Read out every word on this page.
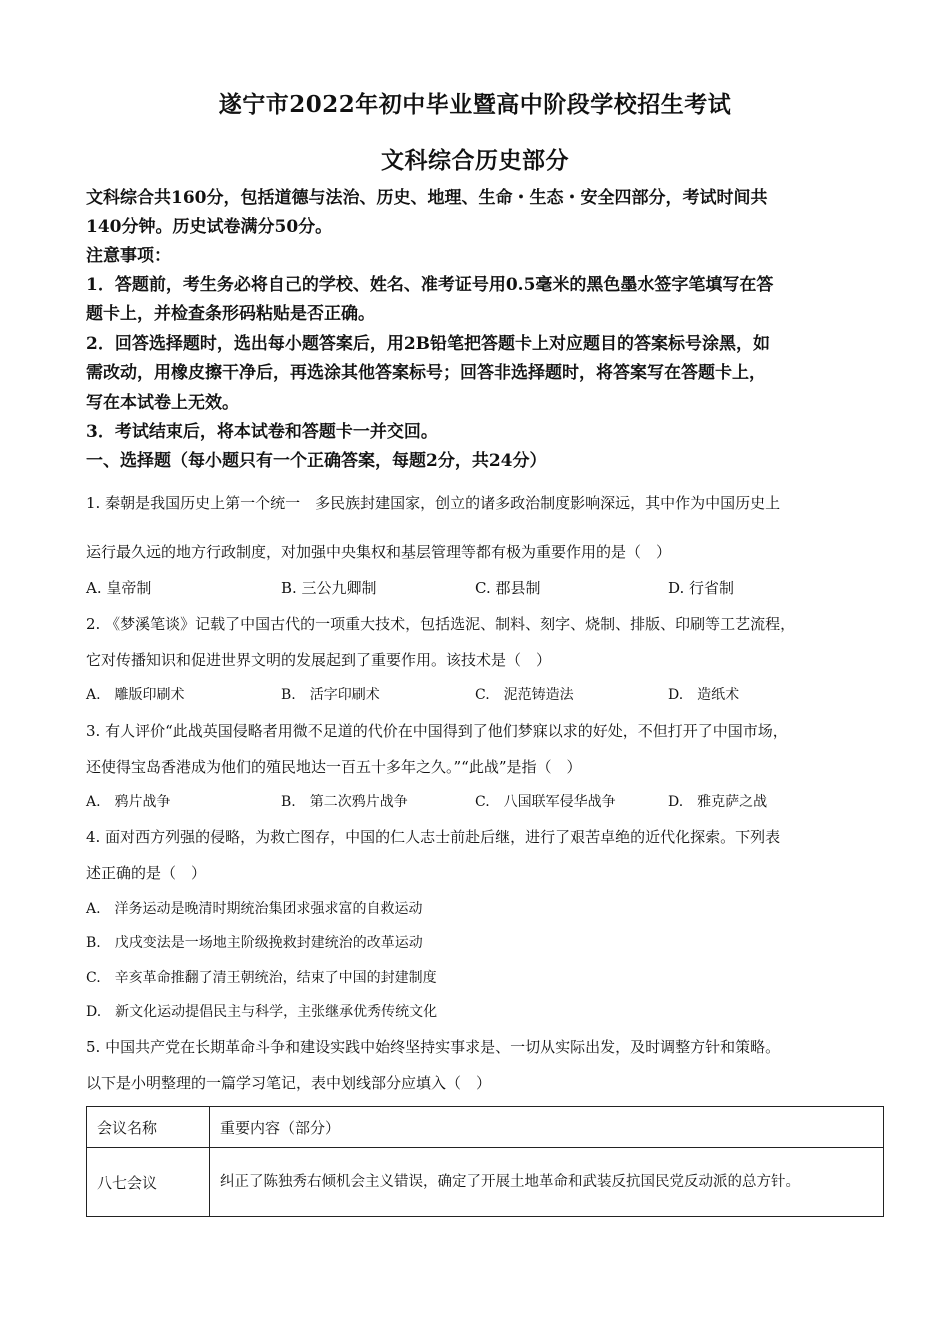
遂宁市2022年初中毕业暨高中阶段学校招生考试
文科综合历史部分
文科综合共160分，包括道德与法治、历史、地理、生命・生态・安全四部分，考试时间共
140分钟。历史试卷满分50分。
注意事项：
1．答题前，考生务必将自己的学校、姓名、准考证号用0.5毫米的黑色墨水签字笔填写在答
题卡上，并检查条形码粘贴是否正确。
2．回答选择题时，选出每小题答案后，用2B铅笔把答题卡上对应题目的答案标号涂黑，如
需改动，用橡皮擦干净后，再选涂其他答案标号；回答非选择题时，将答案写在答题卡上，
写在本试卷上无效。
3．考试结束后，将本试卷和答题卡一并交回。
一、选择题（每小题只有一个正确答案，每题2分，共24分）
1. 秦朝是我国历史上第一个统一　多民族封建国家，创立的诸多政治制度影响深远，其中作为中国历史上
运行最久远的地方行政制度，对加强中央集权和基层管理等都有极为重要作用的是（　）
A. 皇帝制	B. 三公九卿制	C. 郡县制	D. 行省制
2. 《梦溪笔谈》记载了中国古代的一项重大技术，包括选泥、制料、刻字、烧制、排版、印刷等工艺流程，
它对传播知识和促进世界文明的发展起到了重要作用。该技术是（　）
A.　雕版印刷术	B.　活字印刷术	C.　泥范铸造法	D.　造纸术
3. 有人评价“此战英国侵略者用微不足道的代价在中国得到了他们梦寐以求的好处，不但打开了中国市场，
还使得宝岛香港成为他们的殖民地达一百五十多年之久。”“此战”是指（　）
A.　鸦片战争	B.　第二次鸦片战争	C.　八国联军侵华战争	D.　雅克萨之战
4. 面对西方列强的侵略，为救亡图存，中国的仁人志士前赴后继，进行了艰苦卓绝的近代化探索。下列表
述正确的是（　）
A.　洋务运动是晚清时期统治集团求强求富的自救运动
B.　戊戌变法是一场地主阶级挽救封建统治的改革运动
C.　辛亥革命推翻了清王朝统治，结束了中国的封建制度
D.　新文化运动提倡民主与科学，主张继承优秀传统文化
5. 中国共产党在长期革命斗争和建设实践中始终坚持实事求是、一切从实际出发，及时调整方针和策略。
以下是小明整理的一篇学习笔记，表中划线部分应填入（　）
会议名称	重要内容（部分）
八七会议	纠正了陈独秀右倾机会主义错误，确定了开展土地革命和武装反抗国民党反动派的总方针。
